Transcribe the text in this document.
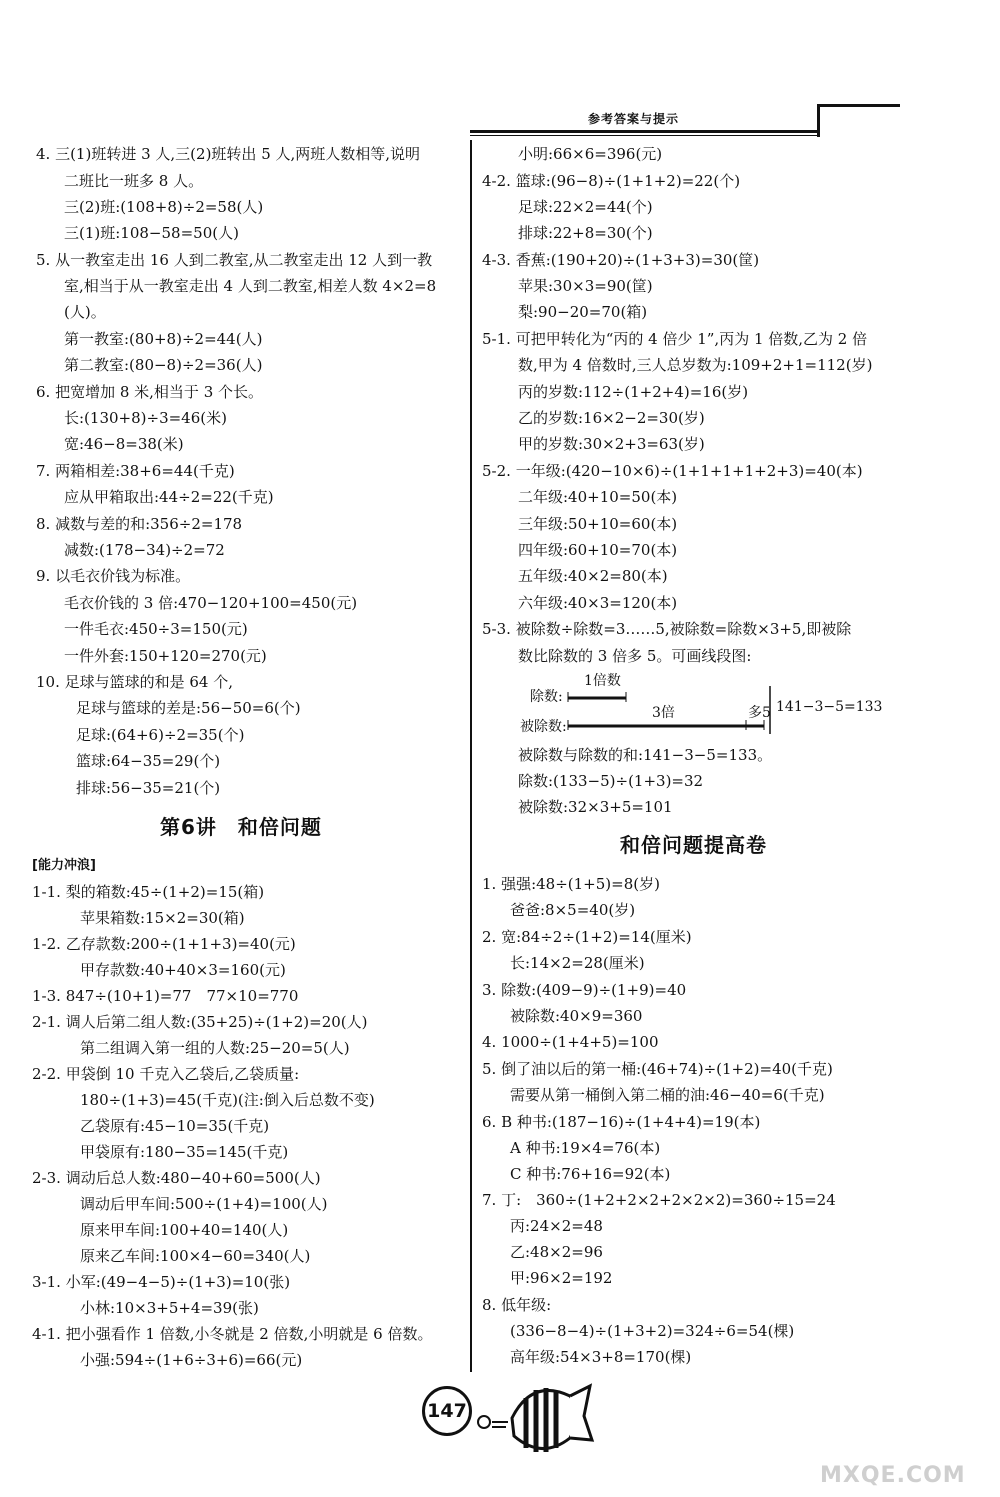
参考答案与提示
4. 三(1)班转进 3 人,三(2)班转出 5 人,两班人数相等,说明
二班比一班多 8 人。
三(2)班:(108+8)÷2=58(人)
三(1)班:108−58=50(人)
5. 从一教室走出 16 人到二教室,从二教室走出 12 人到一教
室,相当于从一教室走出 4 人到二教室,相差人数 4×2=8
(人)。
第一教室:(80+8)÷2=44(人)
第二教室:(80−8)÷2=36(人)
6. 把宽增加 8 米,相当于 3 个长。
长:(130+8)÷3=46(米)
宽:46−8=38(米)
7. 两箱相差:38+6=44(千克)
应从甲箱取出:44÷2=22(千克)
8. 减数与差的和:356÷2=178
减数:(178−34)÷2=72
9. 以毛衣价钱为标准。
毛衣价钱的 3 倍:470−120+100=450(元)
一件毛衣:450÷3=150(元)
一件外套:150+120=270(元)
10. 足球与篮球的和是 64 个,
足球与篮球的差是:56−50=6(个)
足球:(64+6)÷2=35(个)
篮球:64−35=29(个)
排球:56−35=21(个)
第6讲　和倍问题
[能力冲浪]
1-1. 梨的箱数:45÷(1+2)=15(箱)
苹果箱数:15×2=30(箱)
1-2. 乙存款数:200÷(1+1+3)=40(元)
甲存款数:40+40×3=160(元)
1-3. 847÷(10+1)=77　77×10=770
2-1. 调人后第二组人数:(35+25)÷(1+2)=20(人)
第二组调入第一组的人数:25−20=5(人)
2-2. 甲袋倒 10 千克入乙袋后,乙袋质量:
180÷(1+3)=45(千克)(注:倒入后总数不变)
乙袋原有:45−10=35(千克)
甲袋原有:180−35=145(千克)
2-3. 调动后总人数:480−40+60=500(人)
调动后甲车间:500÷(1+4)=100(人)
原来甲车间:100+40=140(人)
原来乙车间:100×4−60=340(人)
3-1. 小军:(49−4−5)÷(1+3)=10(张)
小林:10×3+5+4=39(张)
4-1. 把小强看作 1 倍数,小冬就是 2 倍数,小明就是 6 倍数。
小强:594÷(1+6÷3+6)=66(元)
小明:66×6=396(元)
4-2. 篮球:(96−8)÷(1+1+2)=22(个)
足球:22×2=44(个)
排球:22+8=30(个)
4-3. 香蕉:(190+20)÷(1+3+3)=30(筐)
苹果:30×3=90(筐)
梨:90−20=70(箱)
5-1. 可把甲转化为“丙的 4 倍少 1”,丙为 1 倍数,乙为 2 倍
数,甲为 4 倍数时,三人总岁数为:109+2+1=112(岁)
丙的岁数:112÷(1+2+4)=16(岁)
乙的岁数:16×2−2=30(岁)
甲的岁数:30×2+3=63(岁)
5-2. 一年级:(420−10×6)÷(1+1+1+1+2+3)=40(本)
二年级:40+10=50(本)
三年级:50+10=60(本)
四年级:60+10=70(本)
五年级:40×2=80(本)
六年级:40×3=120(本)
5-3. 被除数÷除数=3……5,被除数=除数×3+5,即被除
数比除数的 3 倍多 5。可画线段图:
被除数与除数的和:141−3−5=133。
除数:(133−5)÷(1+3)=32
被除数:32×3+5=101
和倍问题提高卷
1. 强强:48÷(1+5)=8(岁)
爸爸:8×5=40(岁)
2. 宽:84÷2÷(1+2)=14(厘米)
长:14×2=28(厘米)
3. 除数:(409−9)÷(1+9)=40
被除数:40×9=360
4. 1000÷(1+4+5)=100
5. 倒了油以后的第一桶:(46+74)÷(1+2)=40(千克)
需要从第一桶倒入第二桶的油:46−40=6(千克)
6. B 种书:(187−16)÷(1+4+4)=19(本)
A 种书:19×4=76(本)
C 种书:76+16=92(本)
7. 丁:　360÷(1+2+2×2+2×2×2)=360÷15=24
丙:24×2=48
乙:48×2=96
甲:96×2=192
8. 低年级:
(336−8−4)÷(1+3+2)=324÷6=54(棵)
高年级:54×3+8=170(棵)
除数:
1倍数
被除数:
3倍	多5 141−3−5=133
147
MXQE.COM
